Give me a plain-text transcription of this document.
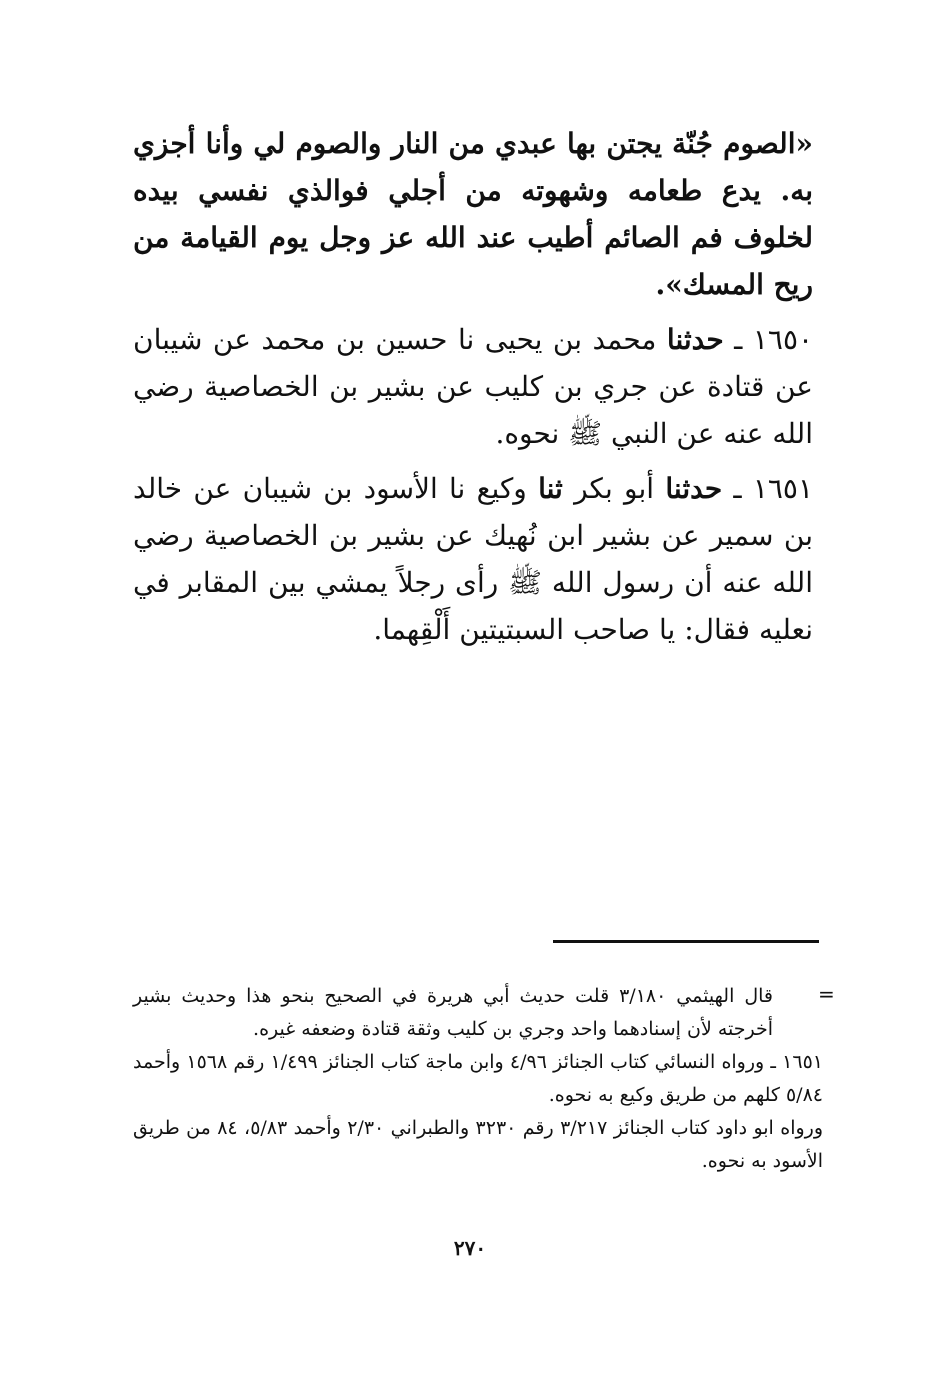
«الصوم جُنّة يجتن بها عبدي من النار والصوم لي وأنا أجزي به. يدع طعامه وشهوته من أجلي فوالذي نفسي بيده لخلوف فم الصائم أطيب عند الله عز وجل يوم القيامة من ريح المسك».

١٦٥٠ ـ حدثنا محمد بن يحيى نا حسين بن محمد عن شيبان عن قتادة عن جري بن كليب عن بشير بن الخصاصية رضي الله عنه عن النبي ﷺ نحوه.

١٦٥١ ـ حدثنا أبو بكر ثنا وكيع نا الأسود بن شيبان عن خالد بن سمير عن بشير ابن نُهيك عن بشير بن الخصاصية رضي الله عنه أن رسول الله ﷺ رأى رجلاً يمشي بين المقابر في نعليه فقال: يا صاحب السبتيتين أَلْقِهما.

=

قال الهيثمي ٣/١٨٠ قلت حديث أبي هريرة في الصحيح بنحو هذا وحديث بشير أخرجته لأن إسنادهما واحد وجري بن كليب وثقة قتادة وضعفه غيره.

١٦٥١ ـ ورواه النسائي كتاب الجنائز ٤/٩٦ وابن ماجة كتاب الجنائز ١/٤٩٩ رقم ١٥٦٨ وأحمد ٥/٨٤ كلهم من طريق وكيع به نحوه.

ورواه ابو داود كتاب الجنائز ٣/٢١٧ رقم ٣٢٣٠ والطبراني ٢/٣٠ وأحمد ٥/٨٣، ٨٤ من طريق الأسود به نحوه.

٢٧٠
